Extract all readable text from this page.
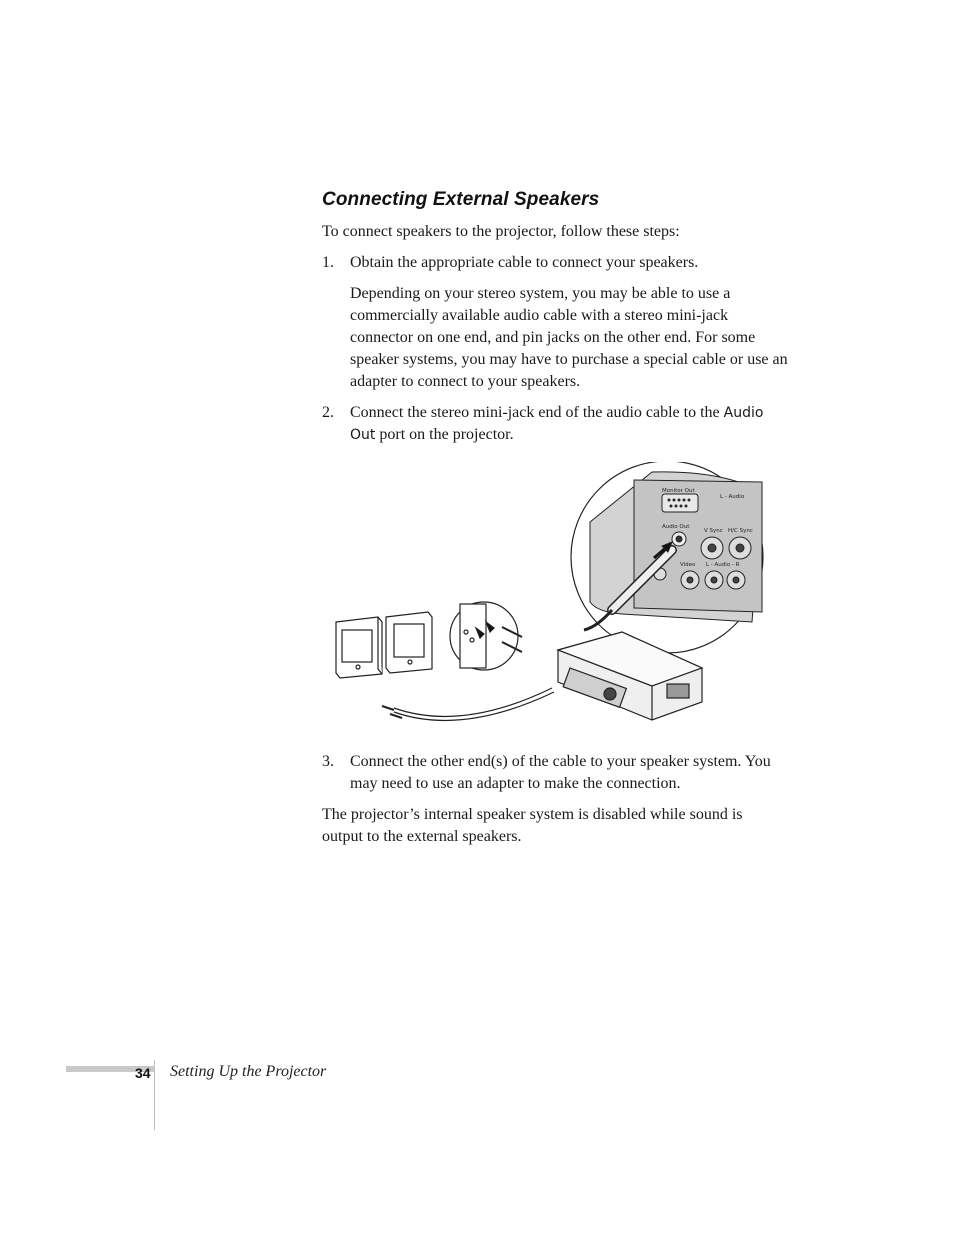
Connecting External Speakers

To connect speakers to the projector, follow these steps:

1. Obtain the appropriate cable to connect your speakers.

Depending on your stereo system, you may be able to use a commercially available audio cable with a stereo mini-jack connector on one end, and pin jacks on the other end. For some speaker systems, you may have to purchase a special cable or use an adapter to connect to your speakers.

2. Connect the stereo mini-jack end of the audio cable to the Audio Out port on the projector.

Monitor Out
L - Audio
Audio Out
V Sync H/C Sync
Video L - Audio - R
3. Connect the other end(s) of the cable to your speaker system. You may need to use an adapter to make the connection.

The projector’s internal speaker system is disabled while sound is output to the external speakers.

34 Setting Up the Projector
